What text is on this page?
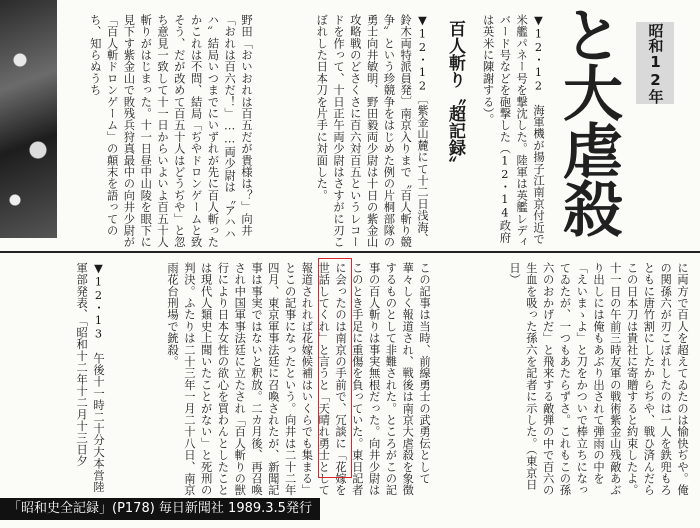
昭和12年
と大虐殺
▼12・12　海軍機が揚子江南京付近で米艦パネー号を撃沈した。陸軍は英艦レディバード号などを砲撃した（12・14政府は英米に陳謝する）。
百人斬り〝超記録〟
▼12・12〔紫金山麓にて十二日浅海、鈴木両特派員発〕南京入りまで〝百人斬り競争〟という珍競争をはじめた例の片桐部隊の勇士向井敏明、野田毅両少尉は十日の紫金山攻略戦のどさくさに百六対百五というレコードを作って、十日正午両少尉はさすがに刃こぼれした日本刀を片手に対面した。
野田「おいおれは百五だが貴様は？」向井「おれは百六だ！」……両少尉は〝アハハハ〟結局いつまでにいずれが先に百人斬ったかこれは不問、結局「ぢやドロンゲームと致そう、だが改めて百五十人はどうぢや」と忽ち意見一致して十一日からいよいよ百五十人斬りがはじまった。十一日昼中山陵を眼下に見下す紫金山で敗残兵狩真最中の向井少尉が「百人斬ドロンゲーム」の顛末を語ってのち、知らぬうち
に両方で百人を超えてゐたのは愉快ぢや。俺の関孫六が刃こぼれしたのは一人を鉄兜もろともに唐竹割にしたからぢや、戦ひ済んだらこの日本刀は貴社に寄贈すると約束したよ。十一日の午前三時友軍の戦術紫金山残敵あぶり出しには俺もあぶり出されて弾雨の中を「えいまゝよ」と刀をかついで棒立ちになってゐたが、一つもあたらずさ。これもこの孫六のおかげだ」と飛来する敵弾の中で百六の生血を吸った孫六を記者に示した。（東京日日）
この記事は当時、前線勇士の武勇伝として華々しく報道され、戦後は南京大虐殺を象徴するものとして非難された。ところがこの記事の百人斬りは事実無根だった。向井少尉はこのとき手足に重傷を負っていた。東日記者に会ったのは南京の手前で、冗談に「花嫁を世話してくれ」と言うと「天晴れ勇士として報道されれば花嫁候補はいくらでも集まる」とこの記事になったという。向井は二十二年四月、東京軍事法廷に召喚されたが、新聞記事は事実ではないと釈放。二カ月後、再召喚され中国軍事法廷に立たされ「百人斬りの獣行により日本女性の欲心を買わんとしたことは現代人類史上聞いたことがない」と死刑の判決。ふたりは二十三年一月二十八日、南京雨花台刑場で銃殺。
▼12・13　午後十一時二十分大本営陸軍部発表、「昭和十二年十二月十三日夕
「昭和史全記録」(P178) 毎日新聞社 1989.3.5発行
